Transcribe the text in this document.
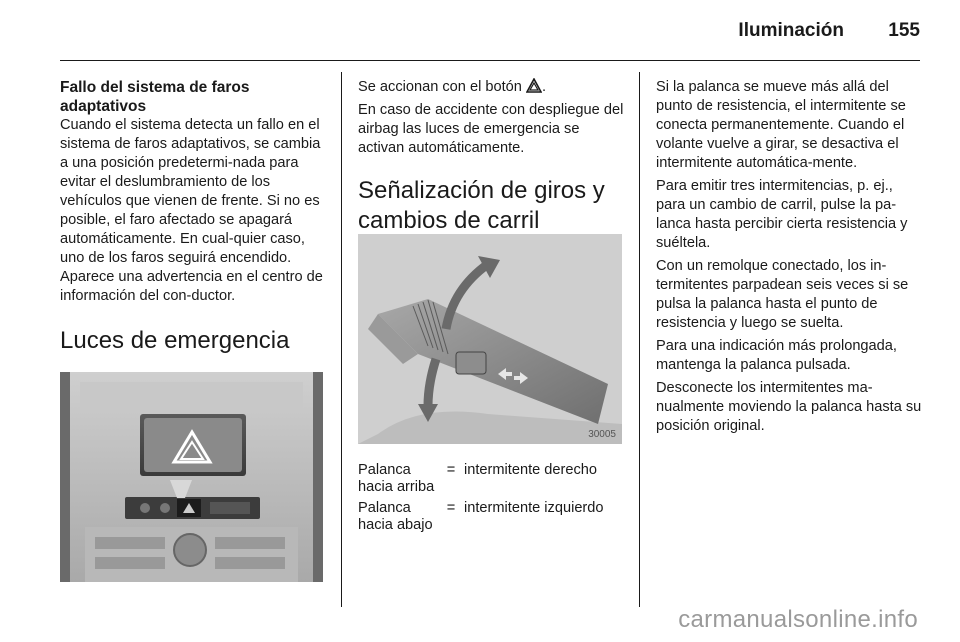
Iluminación 155
Fallo del sistema de faros adaptativos

Cuando el sistema detecta un fallo en el sistema de faros adaptativos, se cambia a una posición predetermi-nada para evitar el deslumbramiento de los vehículos que vienen de frente. Si no es posible, el faro afectado se apagará automáticamente. En cual-quier caso, uno de los faros seguirá encendido. Aparece una advertencia en el centro de información del con-ductor.

Luces de emergencia

Se accionan con el botón .

En caso de accidente con despliegue del airbag las luces de emergencia se activan automáticamente.

Señalización de giros y cambios de carril
30005
Palanca hacia arriba
= intermitente derecho
Palanca hacia abajo
= intermitente izquierdo

Si la palanca se mueve más allá del punto de resistencia, el intermitente se conecta permanentemente. Cuando el volante vuelve a girar, se desactiva el intermitente automática-mente.

Para emitir tres intermitencias, p. ej., para un cambio de carril, pulse la pa-lanca hasta percibir cierta resistencia y suéltela.

Con un remolque conectado, los in-termitentes parpadean seis veces si se pulsa la palanca hasta el punto de resistencia y luego se suelta.

Para una indicación más prolongada, mantenga la palanca pulsada.

Desconecte los intermitentes ma-nualmente moviendo la palanca hasta su posición original.

carmanualsonline.info
